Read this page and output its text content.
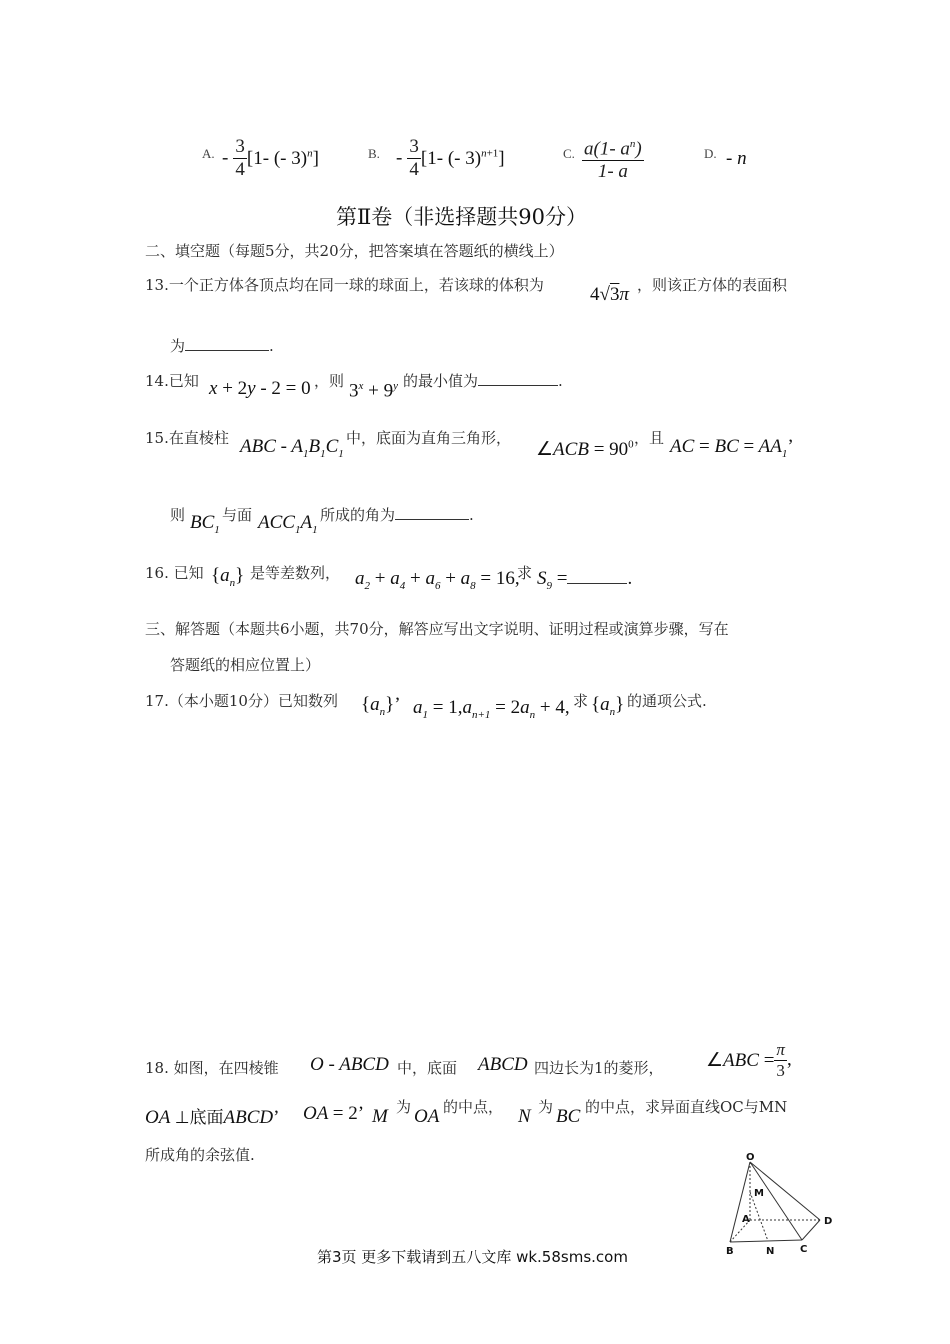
A. - $\frac{3}{4} [1-$ (- 3)$^n$]	B. - $\frac{3}{4} [1-$ (- 3)$^{n+1}$]	C. $\frac{a(1- a^n)}{1- a}$	D. - n
第Ⅱ卷（非选择题共90分）
二、填空题（每题5分，共20分，把答案填在答题纸的横线上）
13.一个正方体各顶点均在同一球的球面上，若该球的体积为 4√3π ，则该正方体的表面积
为	.
14.已知 x + 2y - 2 = 0 ，则 $3^x + 9^y$ 的最小值为	.
15.在直棱柱 ABC - $A_1B_1C_1$
中，底面为直角三角形，
∠ACB = $90^0$ ，且 AC = BC = $AA_1$’
则 $BC_1$
与面 $ACC_1A_1$
所成的角为	.
16. 已知 $\{a_n\}$ 是等差数列， $a_2 + a_4 + a_6 + a_8 = 16$,
求 $S_9$ =	.
三、解答题（本题共6小题，共70分，解答应写出文字说明、证明过程或演算步骤，写在
答题纸的相应位置上）
17.（本小题10分）已知数列 $\{a_n\}$’ $a_1 = 1,a_{n+1} = 2a_n + 4$, 求 $\{a_n\}$ 的通项公式.
18. 如图，在四棱锥 O - ABCD 中，底面 ABCD 四边长为1的菱形， ∠ABC = $\frac{\pi}{3}$ ,
OA ⊥底面ABCD’ OA = 2’ M 为 OA 的中点， N 为 BC 的中点，求异面直线OC与MN
所成角的余弦值.	O
M
A	D
B	N	C
第3页 更多下载请到五八文库 wk.58sms.com
